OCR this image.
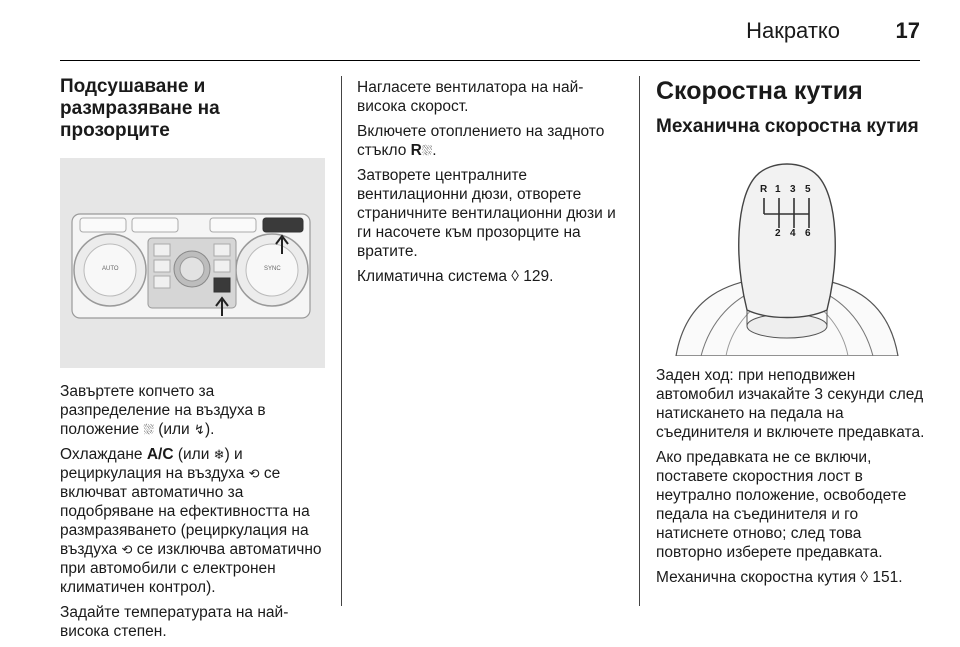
Накратко	17
Подсушаване и размразяване на прозорците
AUTO	SYNC

Завъртете копчето за разпределение на въздуха в положение ⛆ (или ↯).

Охлаждане A/C (или ❄) и рециркулация на въздуха ⟲ се включват автоматично за подобряване на ефективността на размразяването (рециркулация на въздуха ⟲ се изключва автоматично при автомобили с електронен климатичен контрол).

Задайте температурата на най-висока степен.

Нагласете вентилатора на най-висока скорост.

Включете отоплението на задното стъкло R⛆.

Затворете централните вентилационни дюзи, отворете страничните вентилационни дюзи и ги насочете към прозорците на вратите.

Климатична система ◊ 129.

Скоростна кутия
Механична скоростна кутия
R 1 3 5
2 4 6

Заден ход: при неподвижен автомобил изчакайте 3 секунди след натискането на педала на съединителя и включете предавката.

Ако предавката не се включи, поставете скоростния лост в неутрално положение, освободете педала на съединителя и го натиснете отново; след това повторно изберете предавката.

Механична скоростна кутия ◊ 151.
